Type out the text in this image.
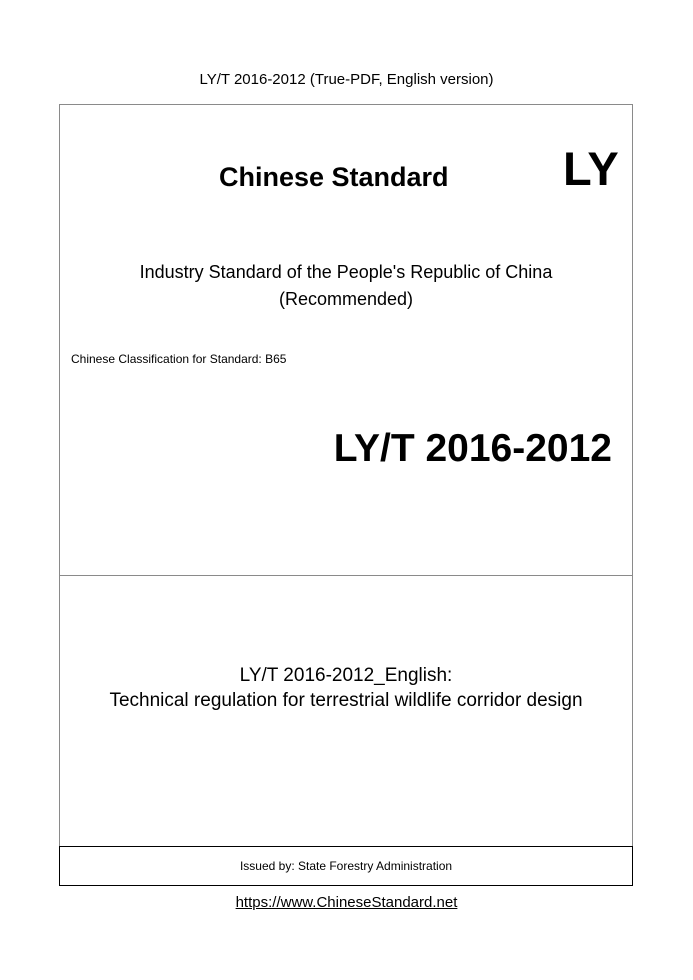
LY/T 2016-2012 (True-PDF, English version)
Chinese Standard LY
Industry Standard of the People's Republic of China
(Recommended)
Chinese Classification for Standard: B65
LY/T 2016-2012
LY/T 2016-2012_English:
Technical regulation for terrestrial wildlife corridor design
Issued by: State Forestry Administration
https://www.ChineseStandard.net
